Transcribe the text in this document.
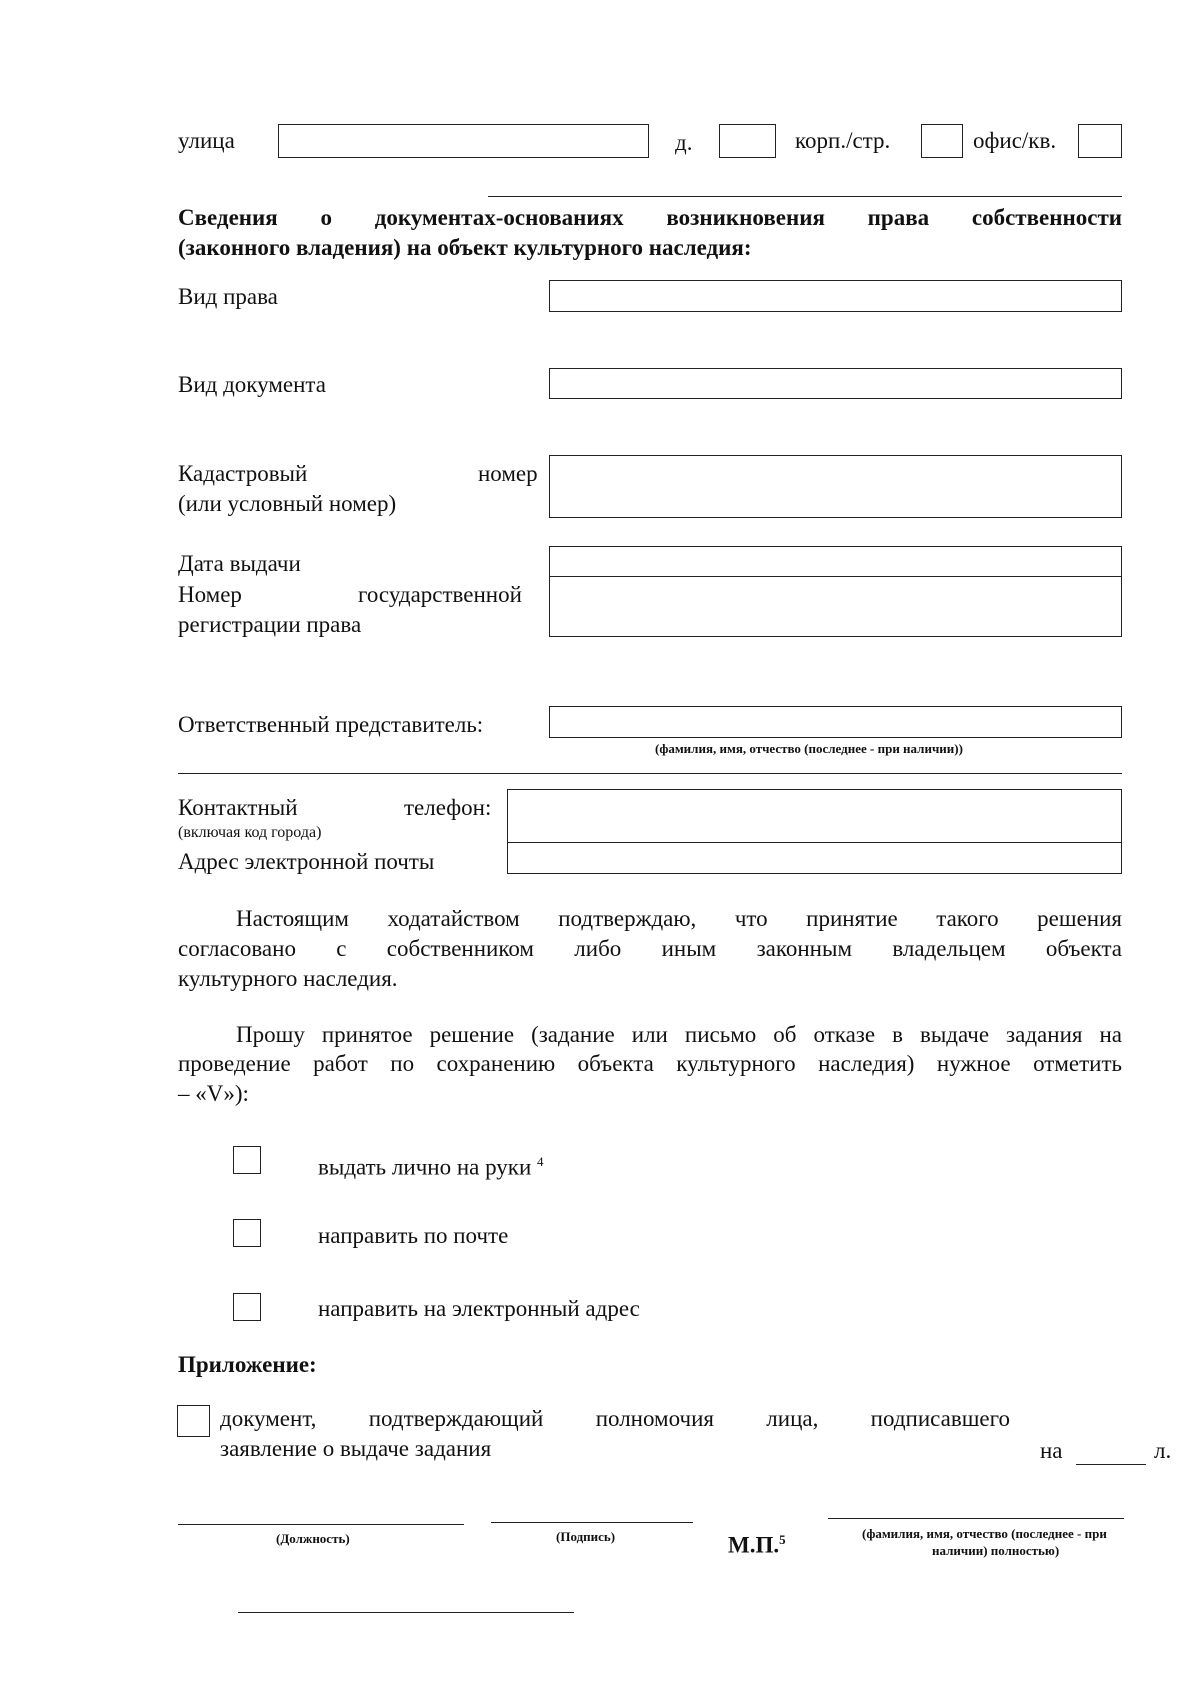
улица	д.	корп./стр.	офис/кв.
Сведения о документах-основаниях возникновения права собственности
(законного владения) на объект культурного наследия:
Вид права
Вид документа
Кадастровый	номер
(или условный номер)
Дата выдачи
Номер	государственной
регистрации права
Ответственный представитель:
(фамилия, имя, отчество (последнее - при наличии))
Контактный	телефон:
(включая код города)
Адрес электронной почты
Настоящим ходатайством подтверждаю, что принятие такого решения
согласовано с собственником либо иным законным владельцем объекта
культурного наследия.
Прошу принятое решение (задание или письмо об отказе в выдаче задания на
проведение работ по сохранению объекта культурного наследия) нужное отметить
– «V»):
выдать лично на руки $^4$
направить по почте
направить на электронный адрес
Приложение:
документ, подтверждающий полномочия лица, подписавшего
заявление о выдаче задания	на	л.
(Должность)	(Подпись)	М.П.$^5$	(фамилия, имя, отчество (последнее - при
наличии) полностью)
